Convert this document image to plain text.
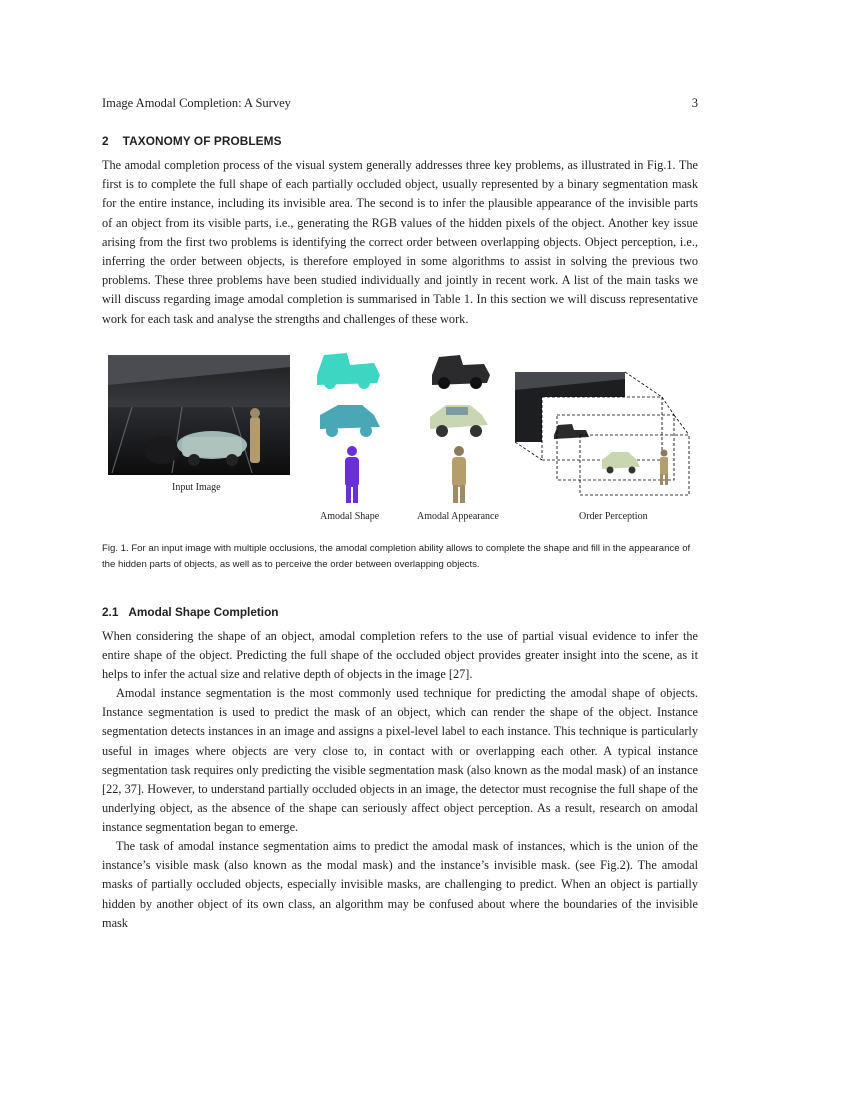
Image Amodal Completion: A Survey	3
2 TAXONOMY OF PROBLEMS

The amodal completion process of the visual system generally addresses three key problems, as illustrated in Fig.1. The first is to complete the full shape of each partially occluded object, usually represented by a binary segmentation mask for the entire instance, including its invisible area. The second is to infer the plausible appearance of the invisible parts of an object from its visible parts, i.e., generating the RGB values of the hidden pixels of the object. Another key issue arising from the first two problems is identifying the correct order between overlapping objects. Object perception, i.e., inferring the order between objects, is therefore employed in some algorithms to assist in solving the previous two problems. These three problems have been studied individually and jointly in recent work. A list of the main tasks we will discuss regarding image amodal completion is summarised in Table 1. In this section we will discuss representative work for each task and analyse the strengths and challenges of these work.

Input Image
Amodal Shape	Amodal Appearance	Order Perception

Fig. 1. For an input image with multiple occlusions, the amodal completion ability allows to complete the shape and fill in the appearance of the hidden parts of objects, as well as to perceive the order between overlapping objects.

2.1 Amodal Shape Completion

When considering the shape of an object, amodal completion refers to the use of partial visual evidence to infer the entire shape of the object. Predicting the full shape of the occluded object provides greater insight into the scene, as it helps to infer the actual size and relative depth of objects in the image [27].

Amodal instance segmentation is the most commonly used technique for predicting the amodal shape of objects. Instance segmentation is used to predict the mask of an object, which can render the shape of the object. Instance segmentation detects instances in an image and assigns a pixel-level label to each instance. This technique is particularly useful in images where objects are very close to, in contact with or overlapping each other. A typical instance segmentation task requires only predicting the visible segmentation mask (also known as the modal mask) of an instance [22, 37]. However, to understand partially occluded objects in an image, the detector must recognise the full shape of the underlying object, as the absence of the shape can seriously affect object perception. As a result, research on amodal instance segmentation began to emerge.

The task of amodal instance segmentation aims to predict the amodal mask of instances, which is the union of the instance’s visible mask (also known as the modal mask) and the instance’s invisible mask. (see Fig.2). The amodal masks of partially occluded objects, especially invisible masks, are challenging to predict. When an object is partially hidden by another object of its own class, an algorithm may be confused about where the boundaries of the invisible mask
